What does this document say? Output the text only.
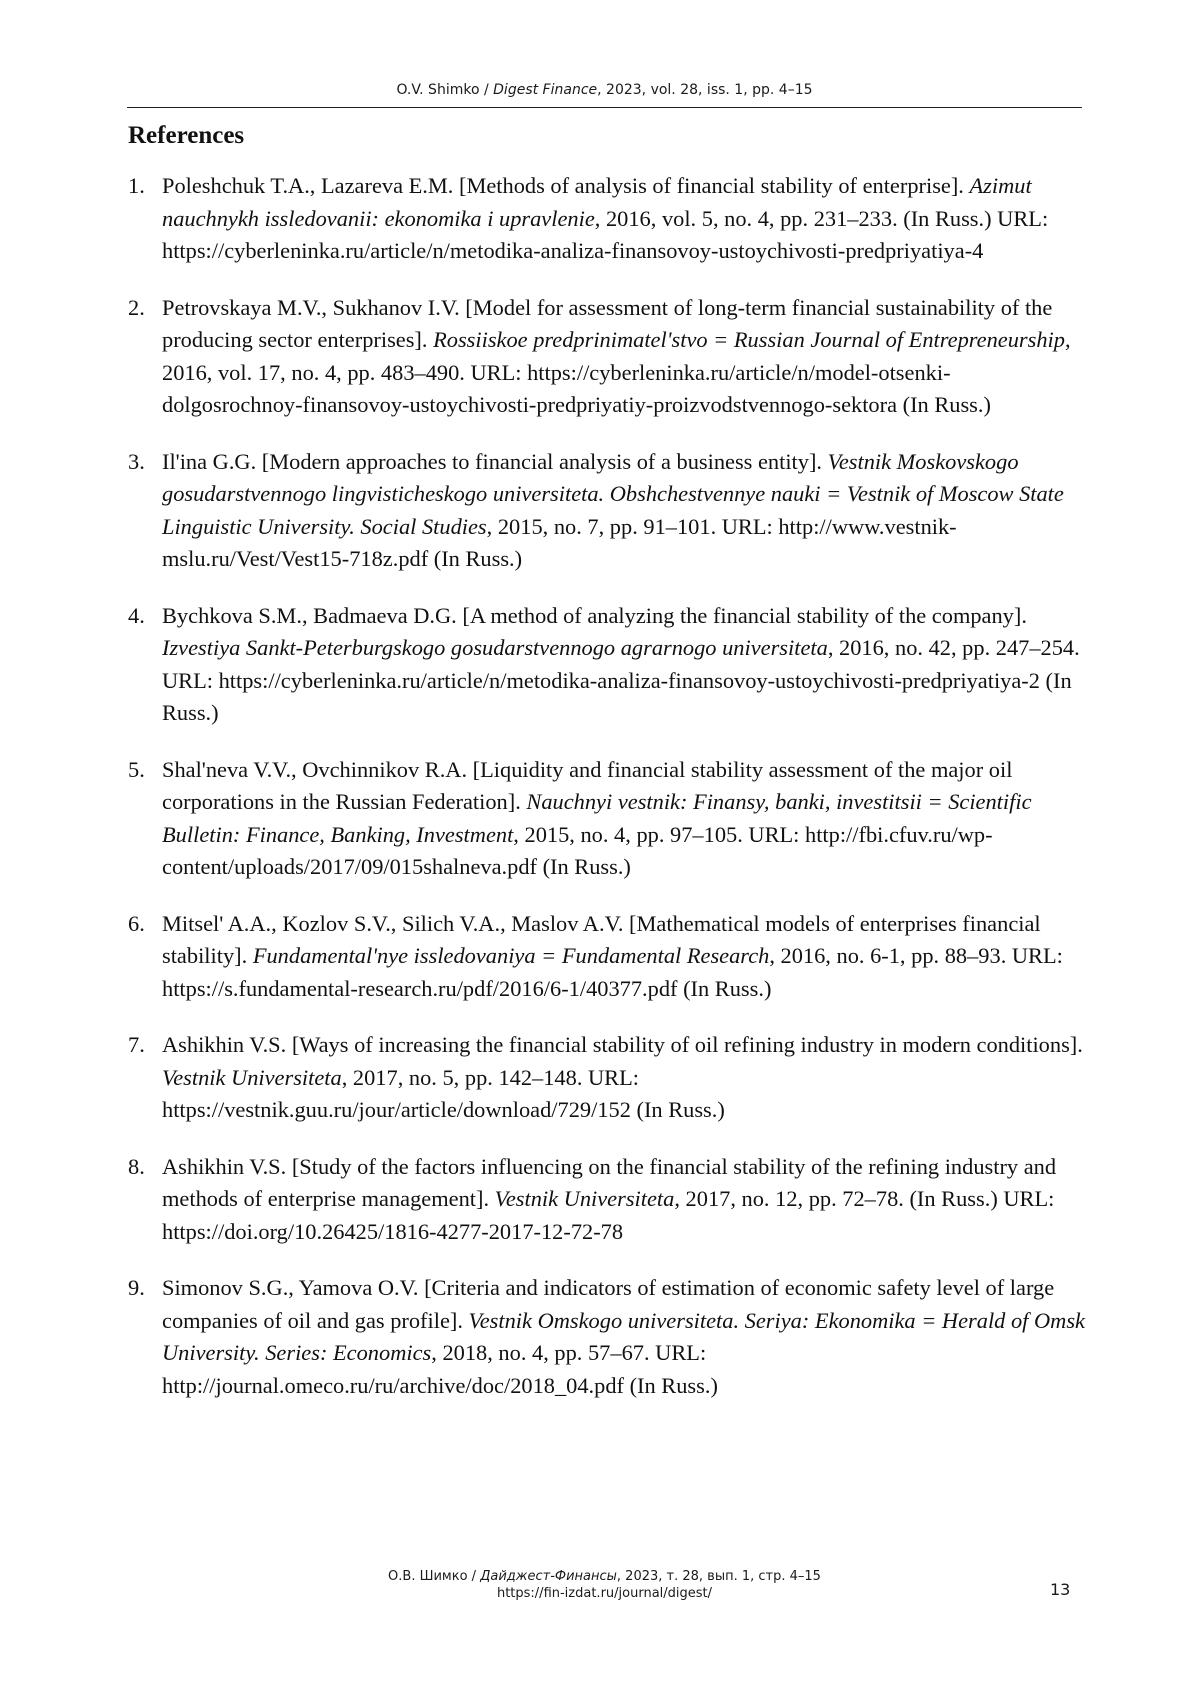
O.V. Shimko / Digest Finance, 2023, vol. 28, iss. 1, pp. 4–15
References
1. Poleshchuk T.A., Lazareva E.M. [Methods of analysis of financial stability of enterprise]. Azimut nauchnykh issledovanii: ekonomika i upravlenie, 2016, vol. 5, no. 4, pp. 231–233. (In Russ.) URL: https://cyberleninka.ru/article/n/metodika-analiza-finansovoy-ustoychivosti-predpriyatiya-4
2. Petrovskaya M.V., Sukhanov I.V. [Model for assessment of long-term financial sustainability of the producing sector enterprises]. Rossiiskoe predprinimatel'stvo = Russian Journal of Entrepreneurship, 2016, vol. 17, no. 4, pp. 483–490. URL: https://cyberleninka.ru/article/n/model-otsenki-dolgosrochnoy-finansovoy-ustoychivosti-predpriyatiy-proizvodstvennogo-sektora (In Russ.)
3. Il'ina G.G. [Modern approaches to financial analysis of a business entity]. Vestnik Moskovskogo gosudarstvennogo lingvisticheskogo universiteta. Obshchestvennye nauki = Vestnik of Moscow State Linguistic University. Social Studies, 2015, no. 7, pp. 91–101. URL: http://www.vestnik-mslu.ru/Vest/Vest15-718z.pdf (In Russ.)
4. Bychkova S.M., Badmaeva D.G. [A method of analyzing the financial stability of the company]. Izvestiya Sankt-Peterburgskogo gosudarstvennogo agrarnogo universiteta, 2016, no. 42, pp. 247–254. URL: https://cyberleninka.ru/article/n/metodika-analiza-finansovoy-ustoychivosti-predpriyatiya-2 (In Russ.)
5. Shal'neva V.V., Ovchinnikov R.A. [Liquidity and financial stability assessment of the major oil corporations in the Russian Federation]. Nauchnyi vestnik: Finansy, banki, investitsii = Scientific Bulletin: Finance, Banking, Investment, 2015, no. 4, pp. 97–105. URL: http://fbi.cfuv.ru/wp-content/uploads/2017/09/015shalneva.pdf (In Russ.)
6. Mitsel' A.A., Kozlov S.V., Silich V.A., Maslov A.V. [Mathematical models of enterprises financial stability]. Fundamental'nye issledovaniya = Fundamental Research, 2016, no. 6-1, pp. 88–93. URL: https://s.fundamental-research.ru/pdf/2016/6-1/40377.pdf (In Russ.)
7. Ashikhin V.S. [Ways of increasing the financial stability of oil refining industry in modern conditions]. Vestnik Universiteta, 2017, no. 5, pp. 142–148. URL: https://vestnik.guu.ru/jour/article/download/729/152 (In Russ.)
8. Ashikhin V.S. [Study of the factors influencing on the financial stability of the refining industry and methods of enterprise management]. Vestnik Universiteta, 2017, no. 12, pp. 72–78. (In Russ.) URL: https://doi.org/10.26425/1816-4277-2017-12-72-78
9. Simonov S.G., Yamova O.V. [Criteria and indicators of estimation of economic safety level of large companies of oil and gas profile]. Vestnik Omskogo universiteta. Seriya: Ekonomika = Herald of Omsk University. Series: Economics, 2018, no. 4, pp. 57–67. URL: http://journal.omeco.ru/ru/archive/doc/2018_04.pdf (In Russ.)
О.В. Шимко / Дайджест-Финансы, 2023, т. 28, вып. 1, стр. 4–15
https://fin-izdat.ru/journal/digest/	13
